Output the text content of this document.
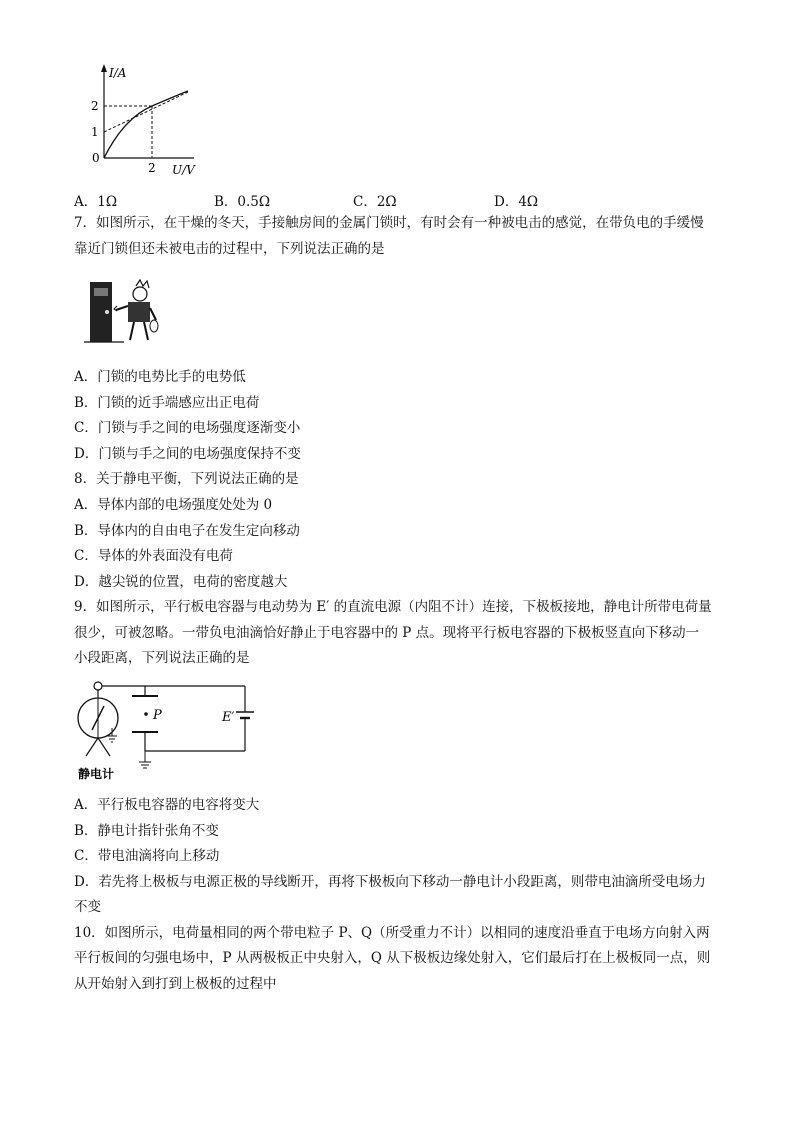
I/A
U/V
2
1
0
2
A．1Ω	B．0.5Ω	C．2Ω	D．4Ω
7．如图所示，在干燥的冬天，手接触房间的金属门锁时，有时会有一种被电击的感觉，在带负电的手缓慢
靠近门锁但还未被电击的过程中，下列说法正确的是
A．门锁的电势比手的电势低
B．门锁的近手端感应出正电荷
C．门锁与手之间的电场强度逐渐变小
D．门锁与手之间的电场强度保持不变
8．关于静电平衡，下列说法正确的是
A．导体内部的电场强度处处为 0
B．导体内的自由电子在发生定向移动
C．导体的外表面没有电荷
D．越尖锐的位置，电荷的密度越大
9．如图所示，平行板电容器与电动势为 E′ 的直流电源（内阻不计）连接，下极板接地，静电计所带电荷量
很少，可被忽略。一带负电油滴恰好静止于电容器中的 P 点。现将平行板电容器的下极板竖直向下移动一
小段距离，下列说法正确的是
P	E′
静电计
A．平行板电容器的电容将变大
B．静电计指针张角不变
C．带电油滴将向上移动
D．若先将上极板与电源正极的导线断开，再将下极板向下移动一静电计小段距离，则带电油滴所受电场力
不变
10．如图所示，电荷量相同的两个带电粒子 P、Q（所受重力不计）以相同的速度沿垂直于电场方向射入两
平行板间的匀强电场中，P 从两极板正中央射入，Q 从下极板边缘处射入，它们最后打在上极板同一点，则
从开始射入到打到上极板的过程中
